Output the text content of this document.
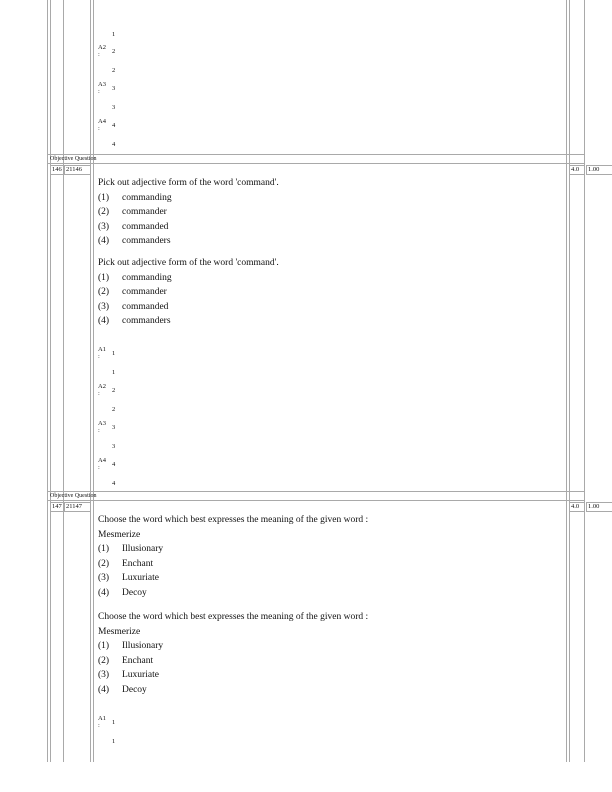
1
A2
: 2
2
A3
: 3
3
A4
: 4
4
Objective Question
146 21146	4.0 1.00
Pick out adjective form of the word 'command'.
(1) commanding
(2) commander
(3) commanded
(4) commanders
Pick out adjective form of the word 'command'.
(1) commanding
(2) commander
(3) commanded
(4) commanders
A1
: 1
1
A2
: 2
2
A3
: 3
3
A4
: 4
4
Objective Question
147 21147	4.0 1.00
Choose the word which best expresses the meaning of the given word :
Mesmerize
(1) Illusionary
(2) Enchant
(3) Luxuriate
(4) Decoy
Choose the word which best expresses the meaning of the given word :
Mesmerize
(1) Illusionary
(2) Enchant
(3) Luxuriate
(4) Decoy
A1
: 1
1
